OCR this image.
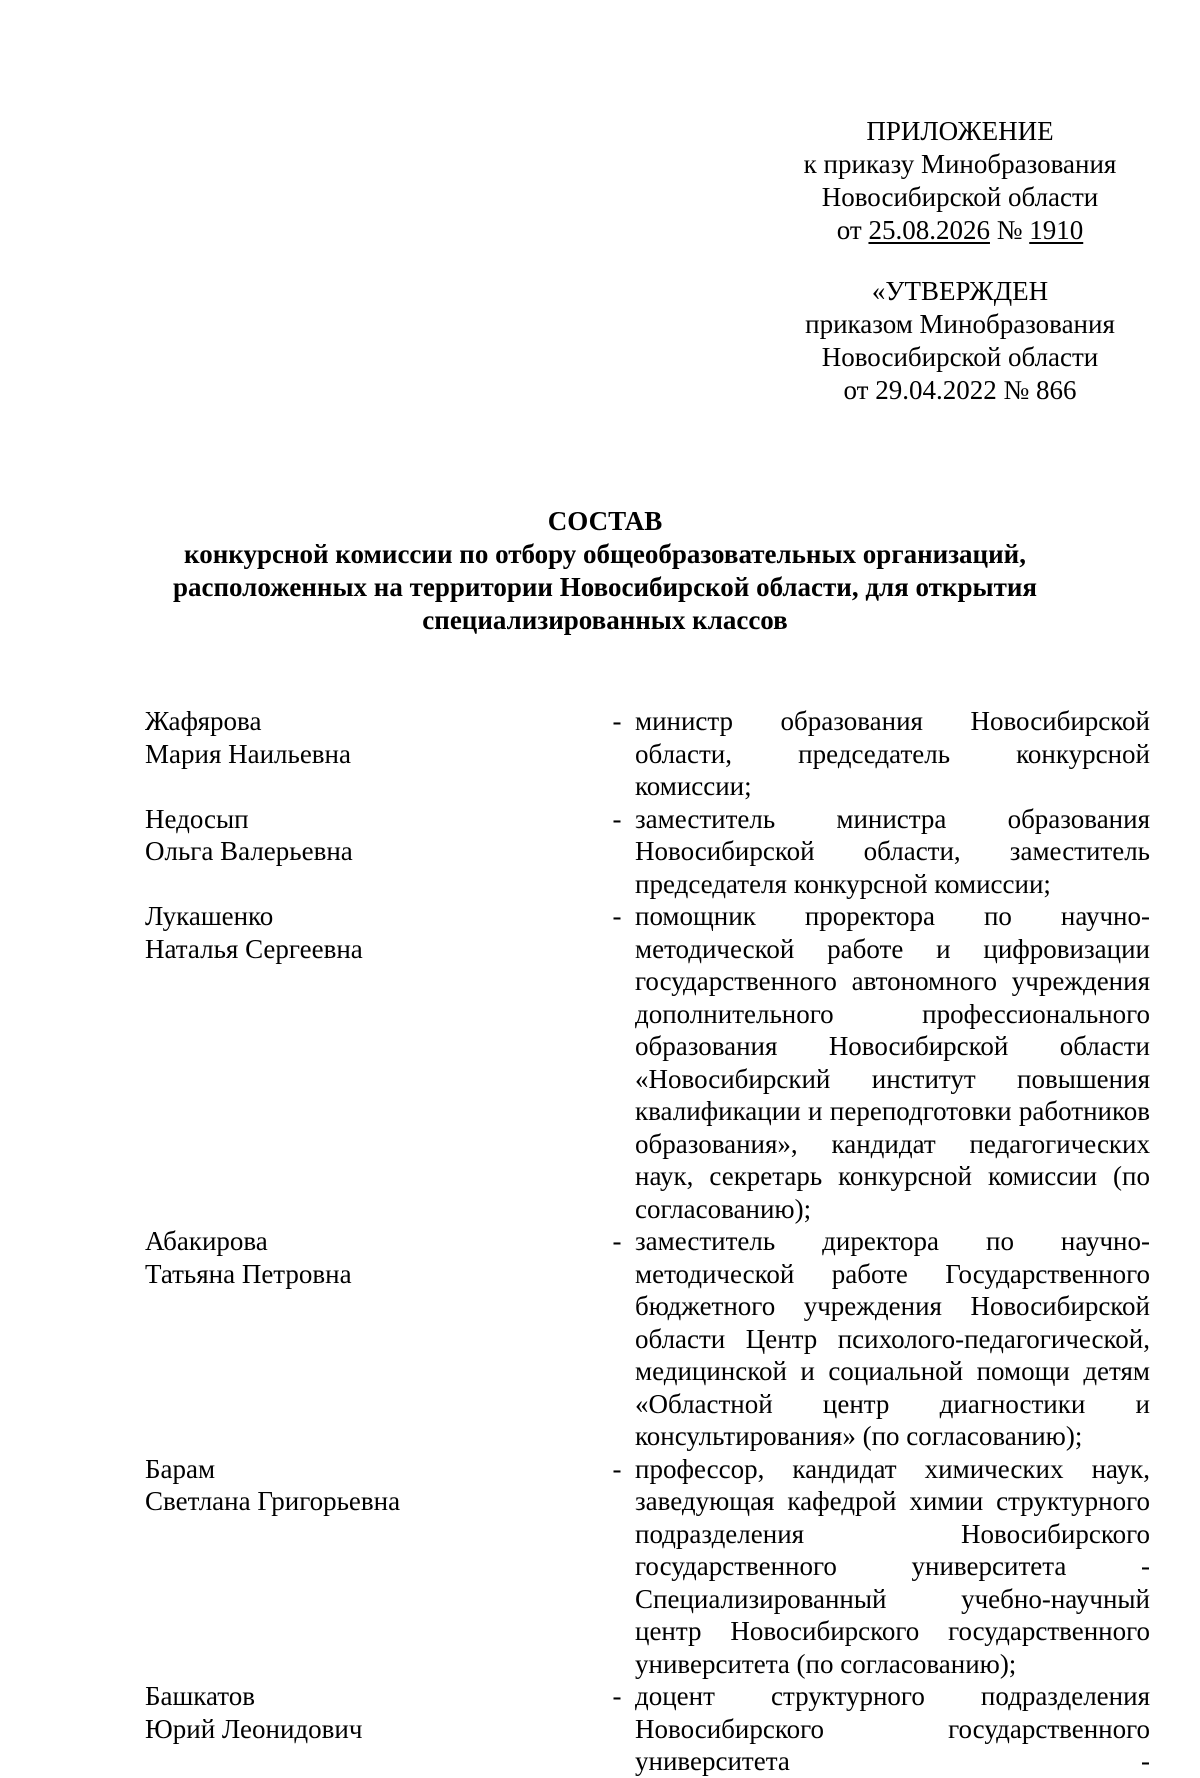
ПРИЛОЖЕНИЕ
к приказу Минобразования
Новосибирской области
от 25.08.2026 № 1910
«УТВЕРЖДЕН
приказом Минобразования
Новосибирской области
от 29.04.2022 № 866
СОСТАВ
конкурсной комиссии по отбору общеобразовательных организаций,
расположенных на территории Новосибирской области, для открытия
специализированных классов
Жафярова
Мария Наильевна
- министр образования Новосибирской области, председатель конкурсной комиссии;
Недосып
Ольга Валерьевна
- заместитель министра образования Новосибирской области, заместитель председателя конкурсной комиссии;
Лукашенко
Наталья Сергеевна
- помощник проректора по научно-методической работе и цифровизации государственного автономного учреждения дополнительного профессионального образования Новосибирской области «Новосибирский институт повышения квалификации и переподготовки работников образования», кандидат педагогических наук, секретарь конкурсной комиссии (по согласованию);
Абакирова
Татьяна Петровна
- заместитель директора по научно-методической работе Государственного бюджетного учреждения Новосибирской области Центр психолого-педагогической, медицинской и социальной помощи детям «Областной центр диагностики и консультирования» (по согласованию);
Барам
Светлана Григорьевна
- профессор, кандидат химических наук, заведующая кафедрой химии структурного подразделения Новосибирского государственного университета - Специализированный учебно-научный центр Новосибирского государственного университета (по согласованию);
Башкатов
Юрий Леонидович
- доцент структурного подразделения Новосибирского государственного университета -
